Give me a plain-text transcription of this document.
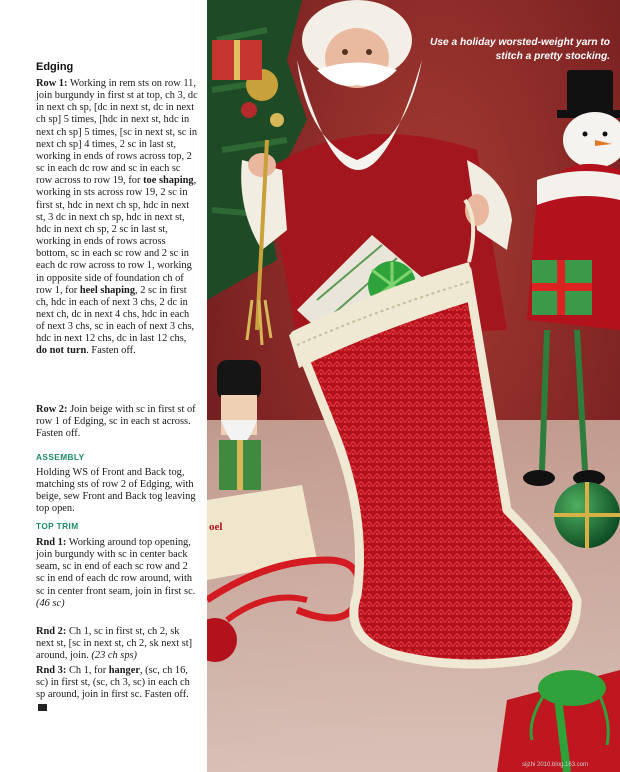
Edging
Row 1: Working in rem sts on row 11, join burgundy in first st at top, ch 3, dc in next ch sp, [dc in next st, dc in next ch sp] 5 times, [hdc in next st, hdc in next ch sp] 5 times, [sc in next st, sc in next ch sp] 4 times, 2 sc in last st, working in ends of rows across top, 2 sc in each dc row and sc in each sc row across to row 19, for toe shaping, working in sts across row 19, 2 sc in first st, hdc in next ch sp, hdc in next st, 3 dc in next ch sp, hdc in next st, hdc in next ch sp, 2 sc in last st, working in ends of rows across bottom, sc in each sc row and 2 sc in each dc row across to row 1, working in opposite side of foundation ch of row 1, for heel shaping, 2 sc in first ch, hdc in each of next 3 chs, 2 dc in next ch, dc in next 4 chs, hdc in each of next 3 chs, sc in each of next 3 chs, hdc in next 12 chs, dc in last 12 chs, do not turn. Fasten off.
Row 2: Join beige with sc in first st of row 1 of Edging, sc in each st across. Fasten off.
ASSEMBLY
Holding WS of Front and Back tog, matching sts of row 2 of Edging, with beige, sew Front and Back tog leaving top open.
TOP TRIM
Rnd 1: Working around top opening, join burgundy with sc in center back seam, sc in end of each sc row and 2 sc in end of each dc row around, with sc in center front seam, join in first sc. (46 sc)
Rnd 2: Ch 1, sc in first st, ch 2, sk next st, [sc in next st, ch 2, sk next st] around, join. (23 ch sps)
Rnd 3: Ch 1, for hanger, (sc, ch 16, sc) in first st, (sc, ch 3, sc) in each ch sp around, join in first sc. Fasten off.
oel
Use a holiday worsted-weight yarn to stitch a pretty stocking.
sijzhi 2010.blog.163.com
